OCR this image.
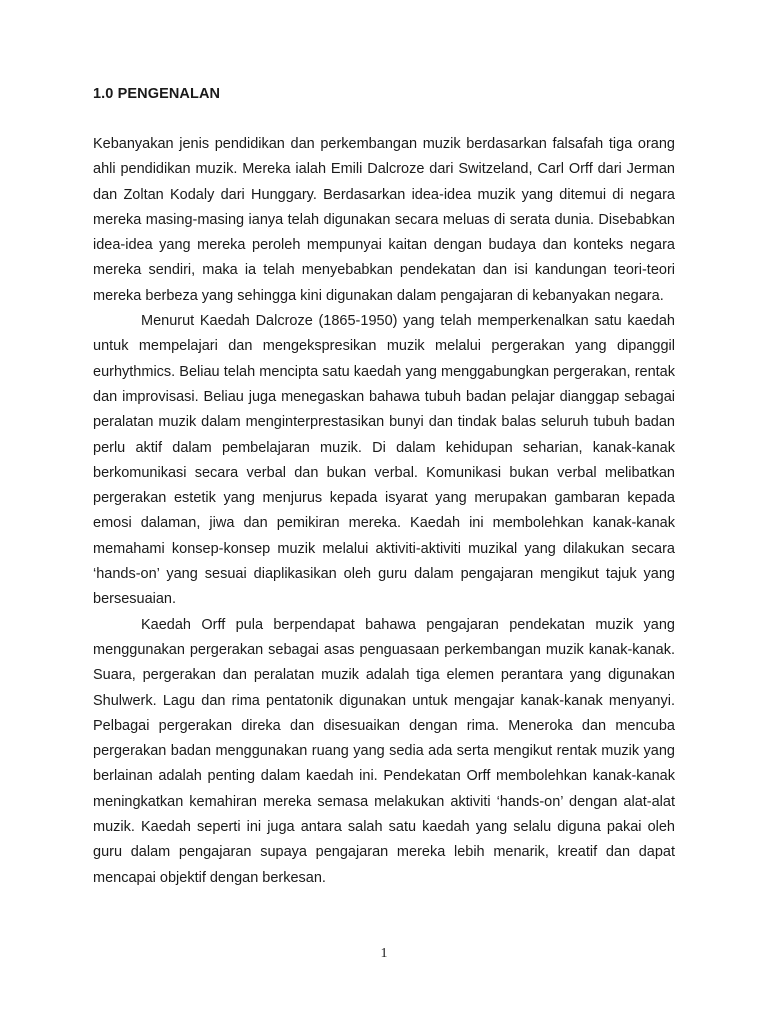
1.0 PENGENALAN

Kebanyakan jenis pendidikan dan perkembangan muzik berdasarkan falsafah tiga orang ahli pendidikan muzik. Mereka ialah Emili Dalcroze dari Switzeland, Carl Orff dari Jerman dan Zoltan Kodaly dari Hunggary. Berdasarkan idea-idea muzik yang ditemui di negara mereka masing-masing ianya telah digunakan secara meluas di serata dunia. Disebabkan idea-idea yang mereka peroleh mempunyai kaitan dengan budaya dan konteks negara mereka sendiri, maka ia telah menyebabkan pendekatan dan isi kandungan teori-teori mereka berbeza yang sehingga kini digunakan dalam pengajaran di kebanyakan negara.

Menurut Kaedah Dalcroze (1865-1950) yang telah memperkenalkan satu kaedah untuk mempelajari dan mengekspresikan muzik melalui pergerakan yang dipanggil eurhythmics. Beliau telah mencipta satu kaedah yang menggabungkan pergerakan, rentak dan improvisasi. Beliau juga menegaskan bahawa tubuh badan pelajar dianggap sebagai peralatan muzik dalam menginterprestasikan bunyi dan tindak balas seluruh tubuh badan perlu aktif dalam pembelajaran muzik. Di dalam kehidupan seharian, kanak-kanak berkomunikasi secara verbal dan bukan verbal. Komunikasi bukan verbal melibatkan pergerakan estetik yang menjurus kepada isyarat yang merupakan gambaran kepada emosi dalaman, jiwa dan pemikiran mereka. Kaedah ini membolehkan kanak-kanak memahami konsep-konsep muzik melalui aktiviti-aktiviti muzikal yang dilakukan secara ‘hands-on’ yang sesuai diaplikasikan oleh guru dalam pengajaran mengikut tajuk yang bersesuaian.

Kaedah Orff pula berpendapat bahawa pengajaran pendekatan muzik yang menggunakan pergerakan sebagai asas penguasaan perkembangan muzik kanak-kanak. Suara, pergerakan dan peralatan muzik adalah tiga elemen perantara yang digunakan Shulwerk. Lagu dan rima pentatonik digunakan untuk mengajar kanak-kanak menyanyi. Pelbagai pergerakan direka dan disesuaikan dengan rima. Meneroka dan mencuba pergerakan badan menggunakan ruang yang sedia ada serta mengikut rentak muzik yang berlainan adalah penting dalam kaedah ini. Pendekatan Orff membolehkan kanak-kanak meningkatkan kemahiran mereka semasa melakukan aktiviti ‘hands-on’ dengan alat-alat muzik. Kaedah seperti ini juga antara salah satu kaedah yang selalu diguna pakai oleh guru dalam pengajaran supaya pengajaran mereka lebih menarik, kreatif dan dapat mencapai objektif dengan berkesan.

1
